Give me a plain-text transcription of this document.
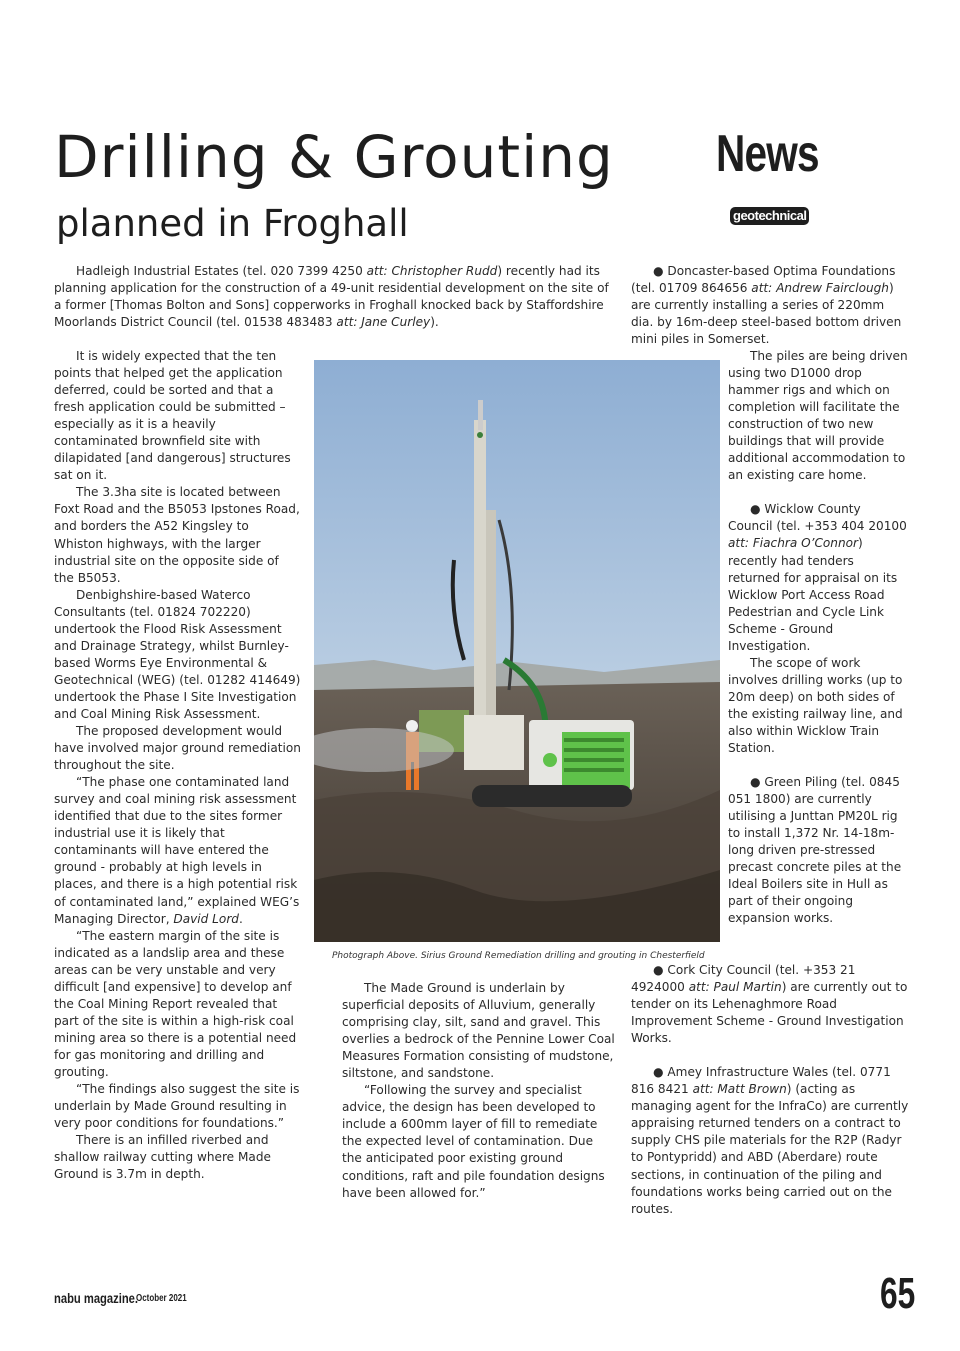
Drilling & Grouting
planned in Froghall
News
geotechnical

Hadleigh Industrial Estates (tel. 020 7399 4250 att: Christopher Rudd) recently had its planning application for the construction of a 49-unit residential development on the site of a former [Thomas Bolton and Sons] copperworks in Froghall knocked back by Staffordshire Moorlands District Council (tel. 01538 483483 att: Jane Curley).

It is widely expected that the ten points that helped get the application deferred, could be sorted and that a fresh application could be submitted – especially as it is a heavily contaminated brownfield site with dilapidated [and dangerous] structures sat on it.

The 3.3ha site is located between Foxt Road and the B5053 Ipstones Road, and borders the A52 Kingsley to Whiston highways, with the larger industrial site on the opposite side of the B5053.

Denbighshire-based Waterco Consultants (tel. 01824 702220) undertook the Flood Risk Assessment and Drainage Strategy, whilst Burnley-based Worms Eye Environmental & Geotechnical (WEG) (tel. 01282 414649) undertook the Phase I Site Investigation and Coal Mining Risk Assessment.

The proposed development would have involved major ground remediation throughout the site.

“The phase one contaminated land survey and coal mining risk assessment identified that due to the sites former industrial use it is likely that contaminants will have entered the ground - probably at high levels in places, and there is a high potential risk of contaminated land,” explained WEG’s Managing Director, David Lord.

“The eastern margin of the site is indicated as a landslip area and these areas can be very unstable and very difficult [and expensive] to develop anf the Coal Mining Report revealed that part of the site is within a high-risk coal mining area so there is a potential need for gas monitoring and drilling and grouting.

“The findings also suggest the site is underlain by Made Ground resulting in very poor conditions for foundations.”

There is an infilled riverbed and shallow railway cutting where Made Ground is 3.7m in depth.

Photograph Above. Sirius Ground Remediation drilling and grouting in Chesterfield

The Made Ground is underlain by superficial deposits of Alluvium, generally comprising clay, silt, sand and gravel. This overlies a bedrock of the Pennine Lower Coal Measures Formation consisting of mudstone, siltstone, and sandstone.

“Following the survey and specialist advice, the design has been developed to include a 600mm layer of fill to remediate the expected level of contamination. Due the anticipated poor existing ground conditions, raft and pile foundation designs have been allowed for.”

● Doncaster-based Optima Foundations (tel. 01709 864656 att: Andrew Fairclough) are currently installing a series of 220mm dia. by 16m-deep steel-based bottom driven mini piles in Somerset.

The piles are being driven using two D1000 drop hammer rigs and which on completion will facilitate the construction of two new buildings that will provide additional accommodation to an existing care home.

● Wicklow County Council (tel. +353 404 20100 att: Fiachra O’Connor) recently had tenders returned for appraisal on its Wicklow Port Access Road Pedestrian and Cycle Link Scheme - Ground Investigation.

The scope of work involves drilling works (up to 20m deep) on both sides of the existing railway line, and also within Wicklow Train Station.

● Green Piling (tel. 0845 051 1800) are currently utilising a Junttan PM20L rig to install 1,372 Nr. 14-18m-long driven pre-stressed precast concrete piles at the Ideal Boilers site in Hull as part of their ongoing expansion works.

● Cork City Council (tel. +353 21 4924000 att: Paul Martin) are currently out to tender on its Lehenaghmore Road Improvement Scheme - Ground Investigation Works.

● Amey Infrastructure Wales (tel. 0771 816 8421 att: Matt Brown) (acting as managing agent for the InfraCo) are currently appraising returned tenders on a contract to supply CHS pile materials for the R2P (Radyr to Pontypridd) and ABD (Aberdare) route sections, in continuation of the piling and foundations works being carried out on the routes.

nabu magazine.
October 2021	65
